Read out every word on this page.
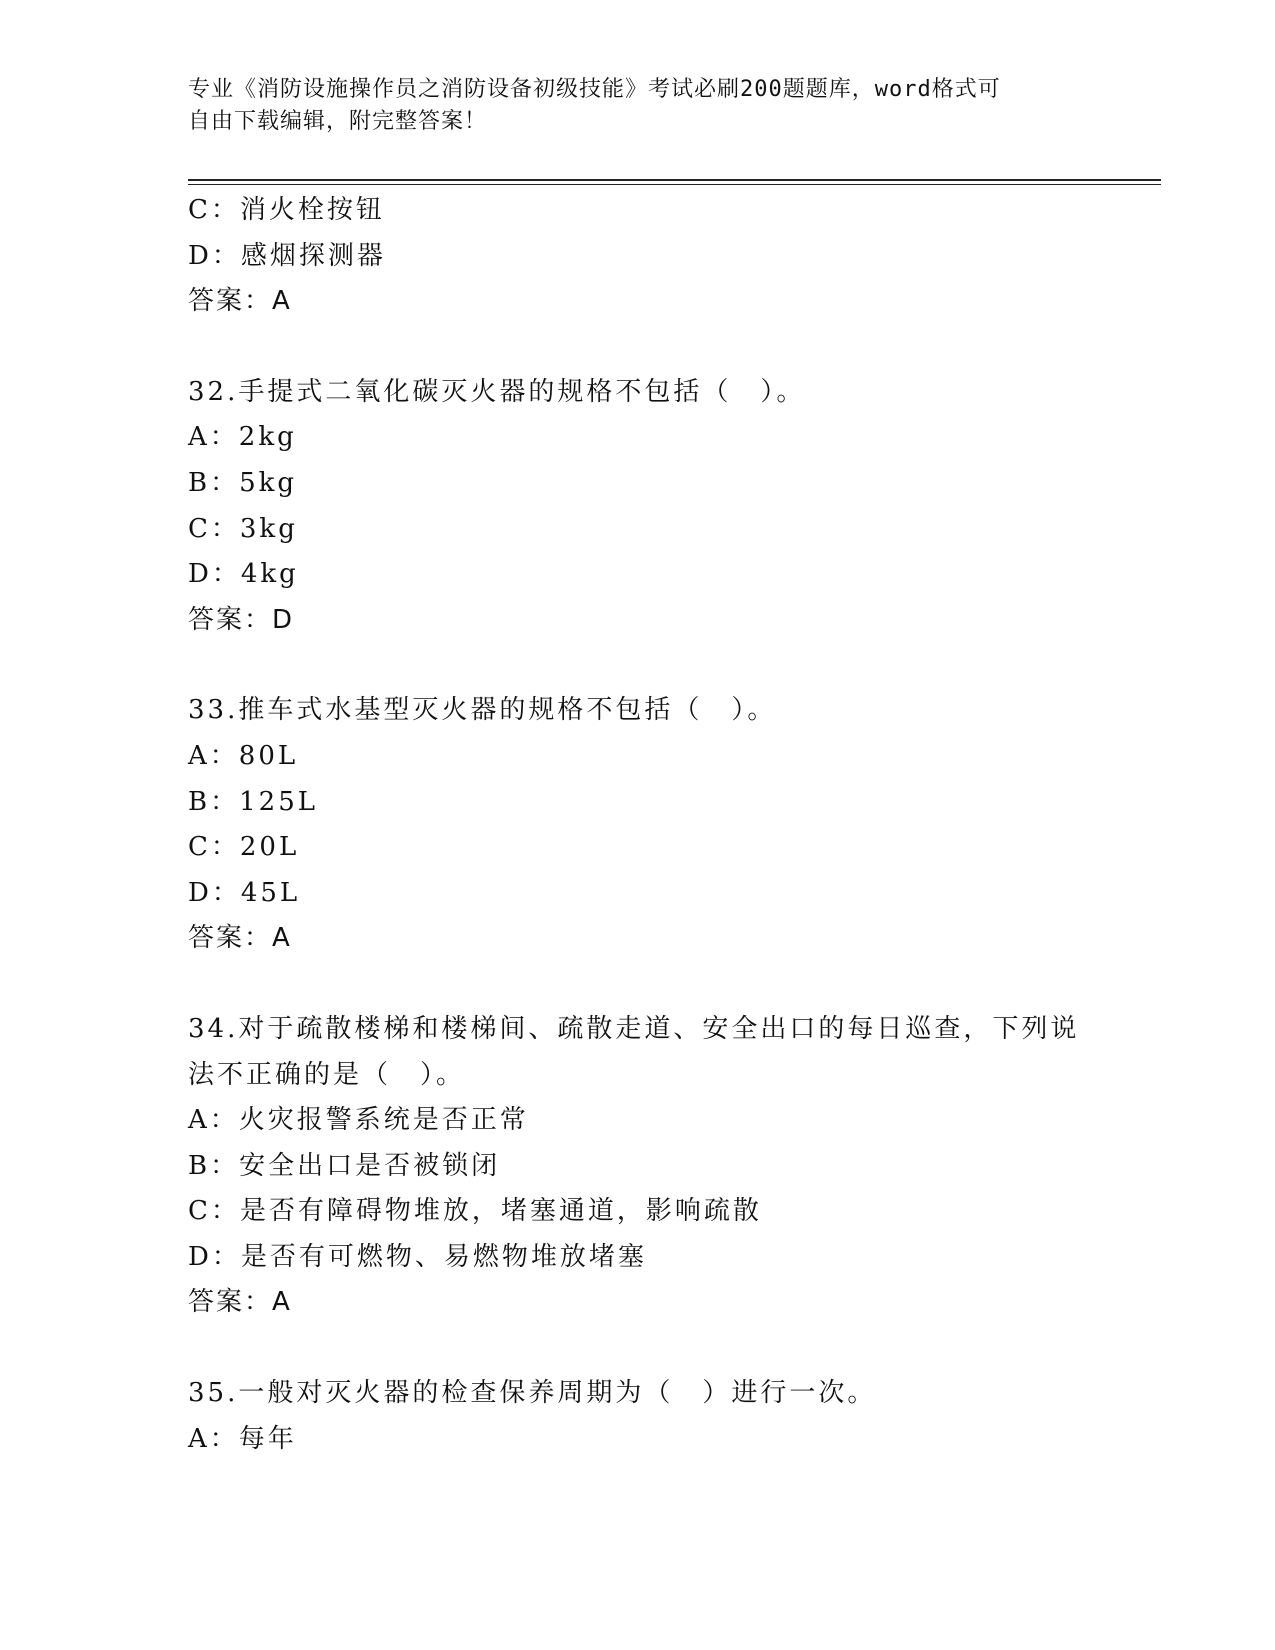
专业《消防设施操作员之消防设备初级技能》考试必刷200题题库，word格式可
自由下载编辑，附完整答案！
C：消火栓按钮
D：感烟探测器
答案：A
32.手提式二氧化碳灭火器的规格不包括（　）。
A：2kg
B：5kg
C：3kg
D：4kg
答案：D
33.推车式水基型灭火器的规格不包括（　）。
A：80L
B：125L
C：20L
D：45L
答案：A
34.对于疏散楼梯和楼梯间、疏散走道、安全出口的每日巡查，下列说
法不正确的是（　）。
A：火灾报警系统是否正常
B：安全出口是否被锁闭
C：是否有障碍物堆放，堵塞通道，影响疏散
D：是否有可燃物、易燃物堆放堵塞
答案：A
35.一般对灭火器的检查保养周期为（　）进行一次。
A：每年
